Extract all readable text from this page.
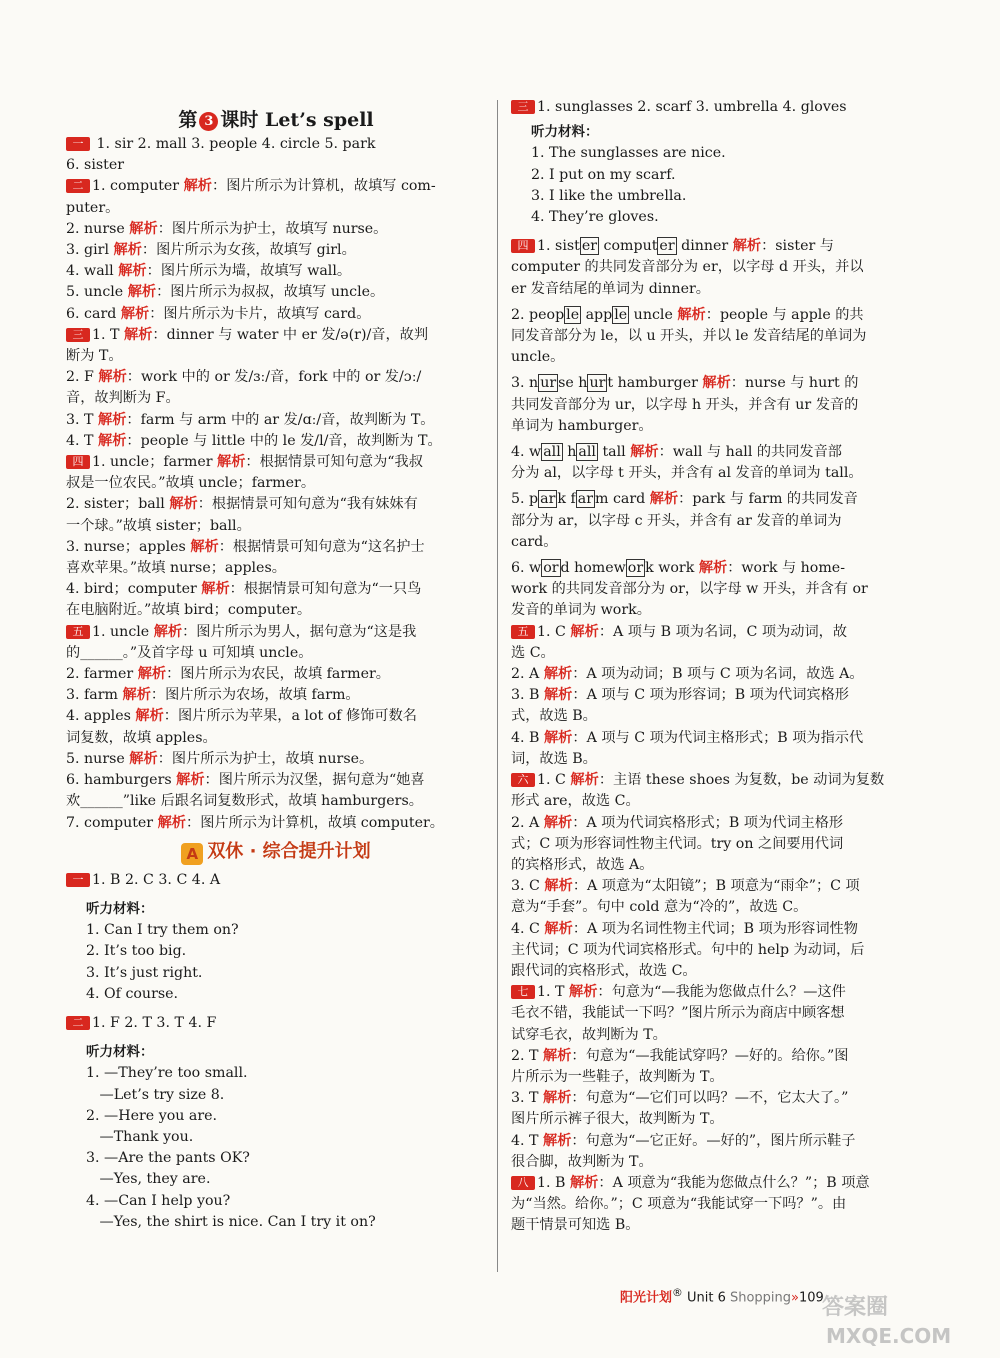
第 3 课时 Let’s spell

一 1. sir 2. mall 3. people 4. circle 5. park

6. sister

二 1. computer 解析：图片所示为计算机，故填写 com-

puter。

2. nurse 解析：图片所示为护士，故填写 nurse。

3. girl 解析：图片所示为女孩，故填写 girl。

4. wall 解析：图片所示为墙，故填写 wall。

5. uncle 解析：图片所示为叔叔，故填写 uncle。

6. card 解析：图片所示为卡片，故填写 card。

三 1. T 解析：dinner 与 water 中 er 发/ə(r)/音，故判

断为 T。

2. F 解析：work 中的 or 发/ɜː/音，fork 中的 or 发/ɔː/

音，故判断为 F。

3. T 解析：farm 与 arm 中的 ar 发/ɑː/音，故判断为 T。

4. T 解析：people 与 little 中的 le 发/l/音，故判断为 T。

四 1. uncle；farmer 解析：根据情景可知句意为“我叔

叔是一位农民。”故填 uncle；farmer。

2. sister；ball 解析：根据情景可知句意为“我有妹妹有

一个球。”故填 sister；ball。

3. nurse；apples 解析：根据情景可知句意为“这名护士

喜欢苹果。”故填 nurse；apples。

4. bird；computer 解析：根据情景可知句意为“一只鸟

在电脑附近。”故填 bird；computer。

五 1. uncle 解析：图片所示为男人，据句意为“这是我

的______。”及首字母 u 可知填 uncle。

2. farmer 解析：图片所示为农民，故填 farmer。

3. farm 解析：图片所示为农场，故填 farm。

4. apples 解析：图片所示为苹果，a lot of 修饰可数名

词复数，故填 apples。

5. nurse 解析：图片所示为护士，故填 nurse。

6. hamburgers 解析：图片所示为汉堡，据句意为“她喜

欢______”like 后跟名词复数形式，故填 hamburgers。

7. computer 解析：图片所示为计算机，故填 computer。

A 双休 · 综合提升计划

一 1. B 2. C 3. C 4. A

听力材料：

1. Can I try them on?

2. It’s too big.

3. It’s just right.

4. Of course.

二 1. F 2. T 3. T 4. F

听力材料：

1. —They’re too small.

—Let’s try size 8.

2. —Here you are.

—Thank you.

3. —Are the pants OK?

—Yes, they are.

4. —Can I help you?

—Yes, the shirt is nice. Can I try it on?

三 1. sunglasses 2. scarf 3. umbrella 4. gloves

听力材料：

1. The sunglasses are nice.

2. I put on my scarf.

3. I like the umbrella.

4. They’re gloves.

四 1. sist er comput er dinner 解析：sister 与

computer 的共同发音部分为 er，以字母 d 开头，并以

er 发音结尾的单词为 dinner。

2. peop le app le uncle 解析：people 与 apple 的共

同发音部分为 le，以 u 开头，并以 le 发音结尾的单词为

uncle。

3. n ur se h ur t hamburger 解析：nurse 与 hurt 的

共同发音部分为 ur，以字母 h 开头，并含有 ur 发音的

单词为 hamburger。

4. w all h all tall 解析：wall 与 hall 的共同发音部

分为 al，以字母 t 开头，并含有 al 发音的单词为 tall。

5. p ar k f ar m card 解析：park 与 farm 的共同发音

部分为 ar，以字母 c 开头，并含有 ar 发音的单词为

card。

6. w or d homew or k work 解析：work 与 home-

work 的共同发音部分为 or，以字母 w 开头，并含有 or

发音的单词为 work。

五 1. C 解析：A 项与 B 项为名词，C 项为动词，故

选 C。

2. A 解析：A 项为动词；B 项与 C 项为名词，故选 A。

3. B 解析：A 项与 C 项为形容词；B 项为代词宾格形

式，故选 B。

4. B 解析：A 项与 C 项为代词主格形式；B 项为指示代

词，故选 B。

六 1. C 解析：主语 these shoes 为复数，be 动词为复数

形式 are，故选 C。

2. A 解析：A 项为代词宾格形式；B 项为代词主格形

式；C 项为形容词性物主代词。try on 之间要用代词

的宾格形式，故选 A。

3. C 解析：A 项意为“太阳镜”；B 项意为“雨伞”；C 项

意为“手套”。句中 cold 意为“冷的”，故选 C。

4. C 解析：A 项为名词性物主代词；B 项为形容词性物

主代词；C 项为代词宾格形式。句中的 help 为动词，后

跟代词的宾格形式，故选 C。

七 1. T 解析：句意为“—我能为您做点什么？—这件

毛衣不错，我能试一下吗？”图片所示为商店中顾客想

试穿毛衣，故判断为 T。

2. T 解析：句意为“—我能试穿吗？—好的。给你。”图

片所示为一些鞋子，故判断为 T。

3. T 解析：句意为“—它们可以吗？—不，它太大了。”

图片所示裤子很大，故判断为 T。

4. T 解析：句意为“—它正好。—好的”，图片所示鞋子

很合脚，故判断为 T。

八 1. B 解析：A 项意为“我能为您做点什么？”；B 项意

为“当然。给你。”；C 项意为“我能试穿一下吗？”。由

题干情景可知选 B。

阳光计划® Unit 6 Shopping»109
答案圈
MXQE.COM
